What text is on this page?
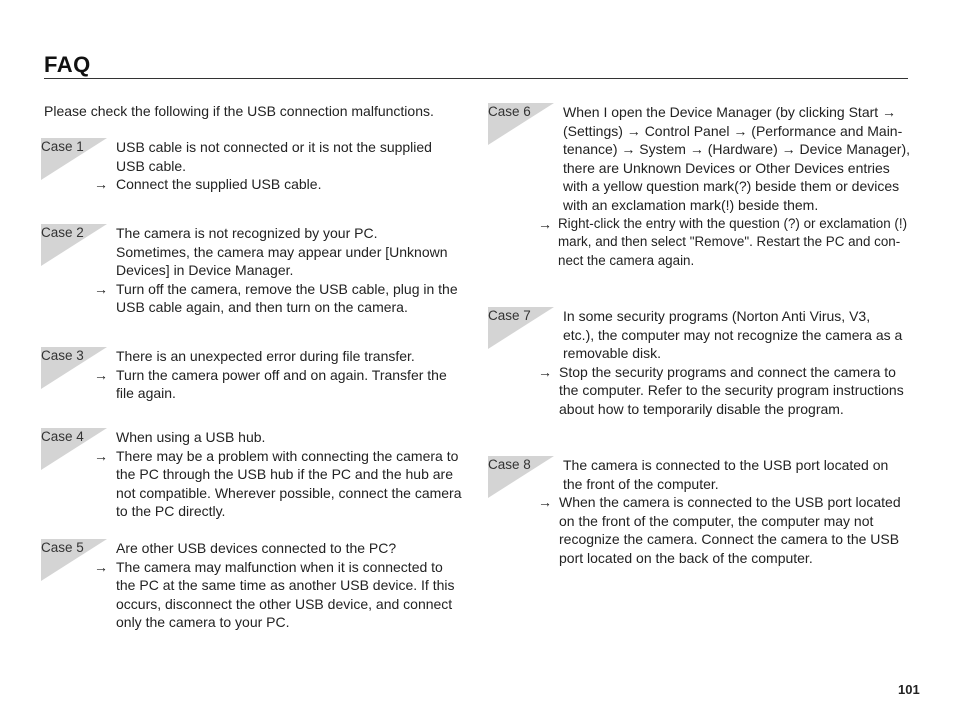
FAQ
Please check the following if the USB connection malfunctions.
Case 1 USB cable is not connected or it is not the supplied
USB cable.
→ Connect the supplied USB cable.
Case 2 The camera is not recognized by your PC.
Sometimes, the camera may appear under [Unknown
Devices] in Device Manager.
→ Turn off the camera, remove the USB cable, plug in the
USB cable again, and then turn on the camera.
Case 3 There is an unexpected error during file transfer.
→ Turn the camera power off and on again. Transfer the
file again.
Case 4 When using a USB hub.
→ There may be a problem with connecting the camera to
the PC through the USB hub if the PC and the hub are
not compatible. Wherever possible, connect the camera
to the PC directly.
Case 5 Are other USB devices connected to the PC?
→ The camera may malfunction when it is connected to
the PC at the same time as another USB device. If this
occurs, disconnect the other USB device, and connect
only the camera to your PC.
Case 6 When I open the Device Manager (by clicking Start →
(Settings) → Control Panel → (Performance and Main-
tenance) → System → (Hardware) → Device Manager),
there are Unknown Devices or Other Devices entries
with a yellow question mark(?) beside them or devices
with an exclamation mark(!) beside them.
→ Right-click the entry with the question (?) or exclamation (!)
mark, and then select "Remove". Restart the PC and con-
nect the camera again.
Case 7 In some security programs (Norton Anti Virus, V3,
etc.), the computer may not recognize the camera as a
removable disk.
→ Stop the security programs and connect the camera to
the computer. Refer to the security program instructions
about how to temporarily disable the program.
Case 8 The camera is connected to the USB port located on
the front of the computer.
→ When the camera is connected to the USB port located
on the front of the computer, the computer may not
recognize the camera. Connect the camera to the USB
port located on the back of the computer.
101
